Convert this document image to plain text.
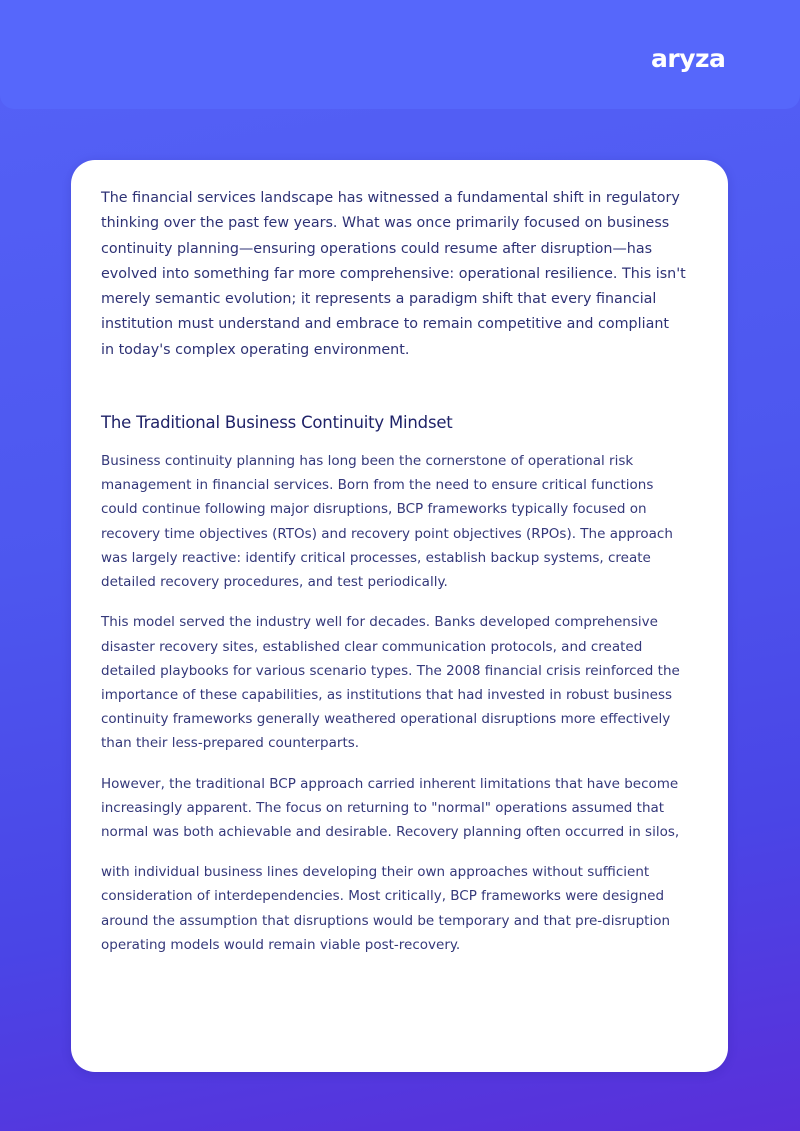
aryza

The financial services landscape has witnessed a fundamental shift in regulatory thinking over the past few years. What was once primarily focused on business continuity planning—ensuring operations could resume after disruption—has evolved into something far more comprehensive: operational resilience. This isn't merely semantic evolution; it represents a paradigm shift that every financial institution must understand and embrace to remain competitive and compliant in today's complex operating environment.

The Traditional Business Continuity Mindset

Business continuity planning has long been the cornerstone of operational risk management in financial services. Born from the need to ensure critical functions could continue following major disruptions, BCP frameworks typically focused on recovery time objectives (RTOs) and recovery point objectives (RPOs). The approach was largely reactive: identify critical processes, establish backup systems, create detailed recovery procedures, and test periodically.

This model served the industry well for decades. Banks developed comprehensive disaster recovery sites, established clear communication protocols, and created detailed playbooks for various scenario types. The 2008 financial crisis reinforced the importance of these capabilities, as institutions that had invested in robust business continuity frameworks generally weathered operational disruptions more effectively than their less-prepared counterparts.

However, the traditional BCP approach carried inherent limitations that have become increasingly apparent. The focus on returning to "normal" operations assumed that normal was both achievable and desirable. Recovery planning often occurred in silos,

with individual business lines developing their own approaches without sufficient consideration of interdependencies. Most critically, BCP frameworks were designed around the assumption that disruptions would be temporary and that pre-disruption operating models would remain viable post-recovery.
